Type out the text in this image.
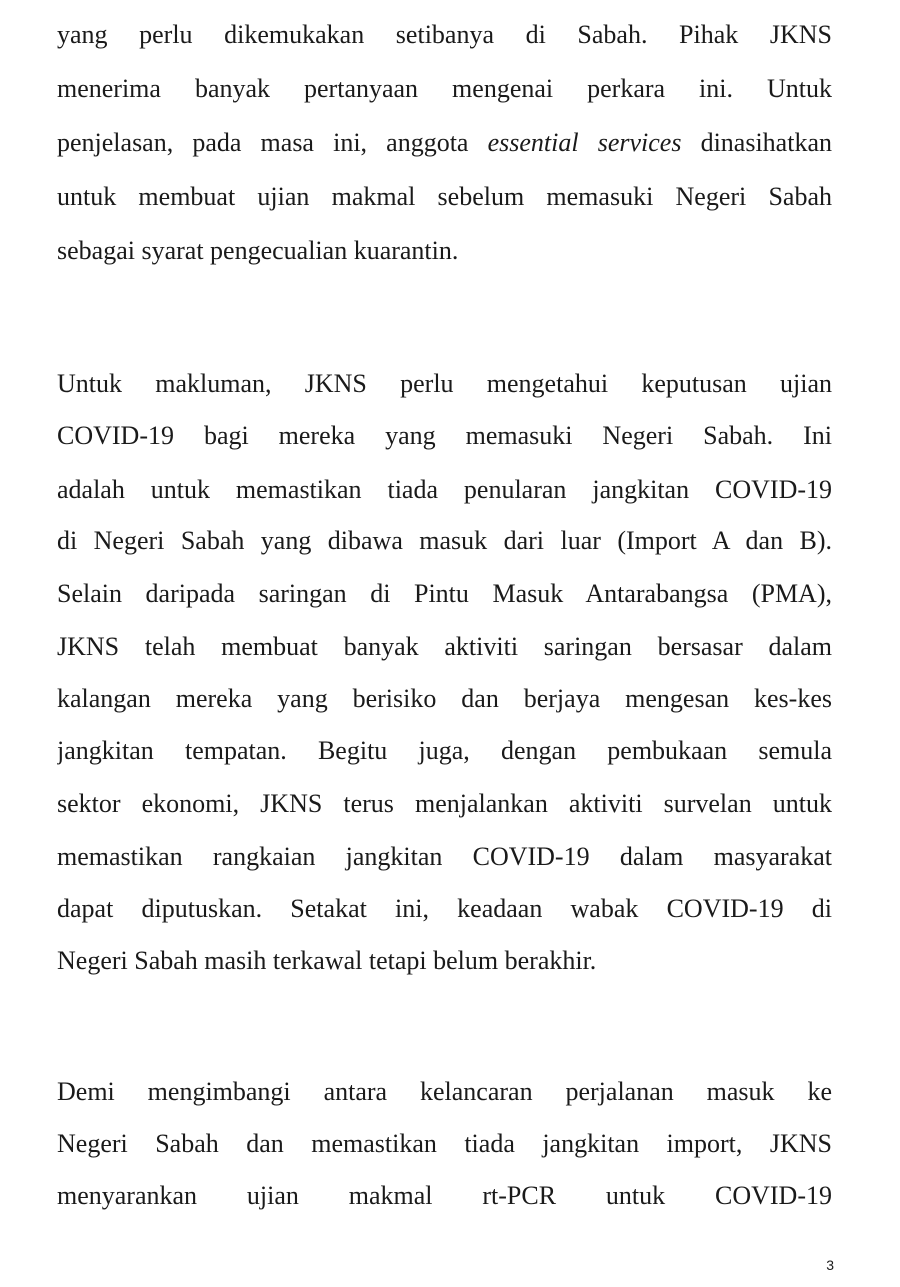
yang perlu dikemukakan setibanya di Sabah. Pihak JKNS
menerima banyak pertanyaan mengenai perkara ini. Untuk
penjelasan, pada masa ini, anggota essential services dinasihatkan
untuk membuat ujian makmal sebelum memasuki Negeri Sabah
sebagai syarat pengecualian kuarantin.
Untuk makluman, JKNS perlu mengetahui keputusan ujian
COVID-19 bagi mereka yang memasuki Negeri Sabah. Ini
adalah untuk memastikan tiada penularan jangkitan COVID-19
di Negeri Sabah yang dibawa masuk dari luar (Import A dan B).
Selain daripada saringan di Pintu Masuk Antarabangsa (PMA),
JKNS telah membuat banyak aktiviti saringan bersasar dalam
kalangan mereka yang berisiko dan berjaya mengesan kes-kes
jangkitan tempatan. Begitu juga, dengan pembukaan semula
sektor ekonomi, JKNS terus menjalankan aktiviti survelan untuk
memastikan rangkaian jangkitan COVID-19 dalam masyarakat
dapat diputuskan. Setakat ini, keadaan wabak COVID-19 di
Negeri Sabah masih terkawal tetapi belum berakhir.
Demi mengimbangi antara kelancaran perjalanan masuk ke
Negeri Sabah dan memastikan tiada jangkitan import, JKNS
menyarankan ujian makmal rt-PCR untuk COVID-19
3
